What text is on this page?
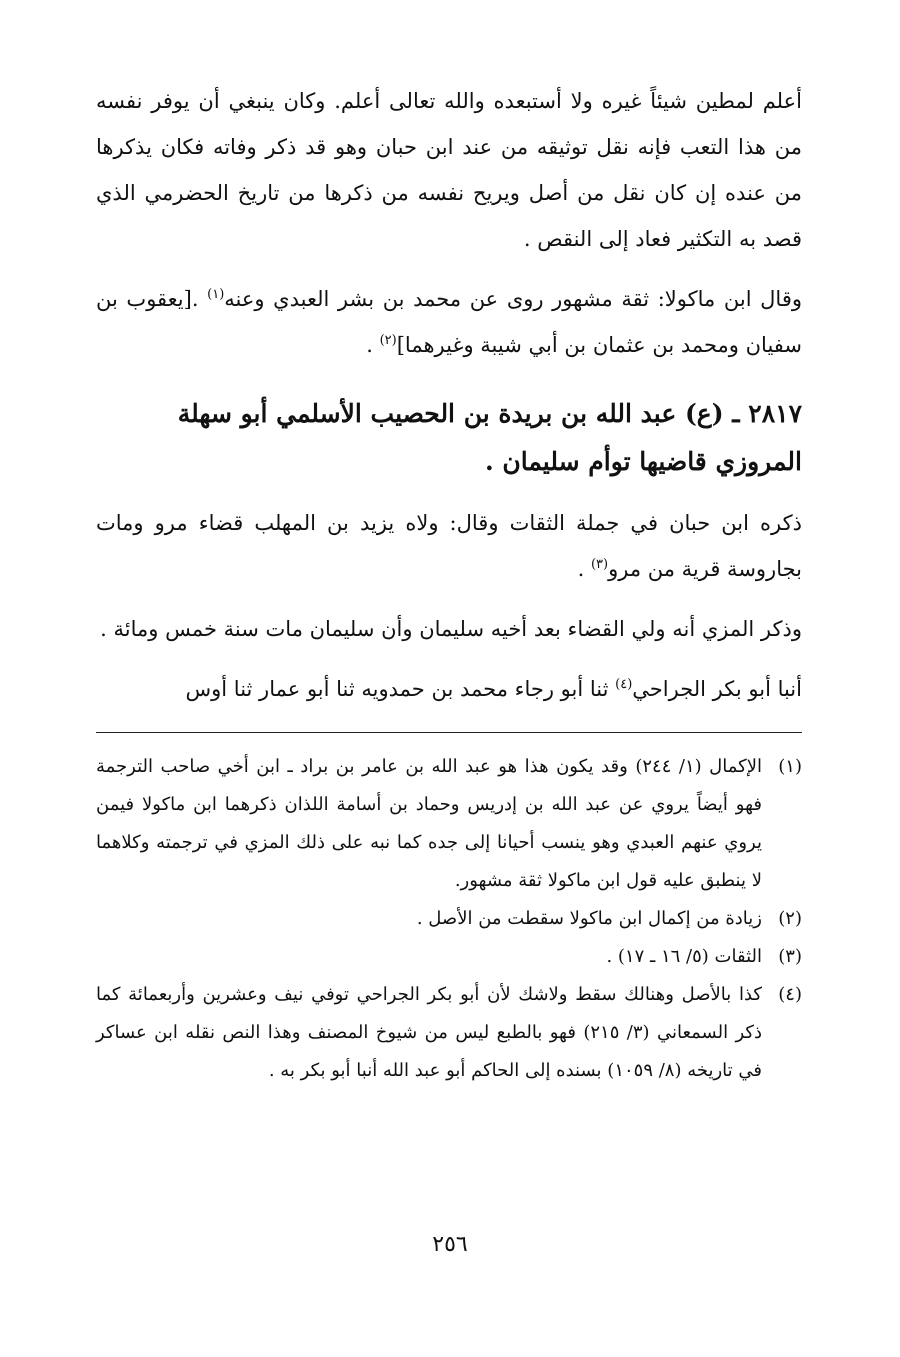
أعلم لمطين شيئاً غيره ولا أستبعده والله تعالى أعلم. وكان ينبغي أن يوفر نفسه من هذا التعب فإنه نقل توثيقه من عند ابن حبان وهو قد ذكر وفاته فكان يذكرها من عنده إن كان نقل من أصل ويريح نفسه من ذكرها من تاريخ الحضرمي الذي قصد به التكثير فعاد إلى النقص .

وقال ابن ماكولا: ثقة مشهور روى عن محمد بن بشر العبدي وعنه$^{(١)}$ .[يعقوب بن سفيان ومحمد بن عثمان بن أبي شيبة وغيرهما]$^{(٢)}$ .

٢٨١٧ ـ (ع) عبد الله بن بريدة بن الحصيب الأسلمي أبو سهلة المروزي قاضيها توأم سليمان .

ذكره ابن حبان في جملة الثقات وقال: ولاه يزيد بن المهلب قضاء مرو ومات بجاروسة قرية من مرو$^{(٣)}$ .

وذكر المزي أنه ولي القضاء بعد أخيه سليمان وأن سليمان مات سنة خمس ومائة .

أنبا أبو بكر الجراحي$^{(٤)}$ ثنا أبو رجاء محمد بن حمدويه ثنا أبو عمار ثنا أوس

(١)الإكمال (١/ ٢٤٤) وقد يكون هذا هو عبد الله بن عامر بن براد ـ ابن أخي صاحب الترجمة فهو أيضاً يروي عن عبد الله بن إدريس وحماد بن أسامة اللذان ذكرهما ابن ماكولا فيمن يروي عنهم العبدي وهو ينسب أحيانا إلى جده كما نبه على ذلك المزي في ترجمته وكلاهما لا ينطبق عليه قول ابن ماكولا ثقة مشهور.

(٢)زيادة من إكمال ابن ماكولا سقطت من الأصل .

(٣)الثقات (٥/ ١٦ ـ ١٧) .

(٤)كذا بالأصل وهنالك سقط ولاشك لأن أبو بكر الجراحي توفي نيف وعشرين وأربعمائة كما ذكر السمعاني (٣/ ٢١٥) فهو بالطبع ليس من شيوخ المصنف وهذا النص نقله ابن عساكر في تاريخه (٨/ ١٠٥٩) بسنده إلى الحاكم أبو عبد الله أنبا أبو بكر به .

٢٥٦
